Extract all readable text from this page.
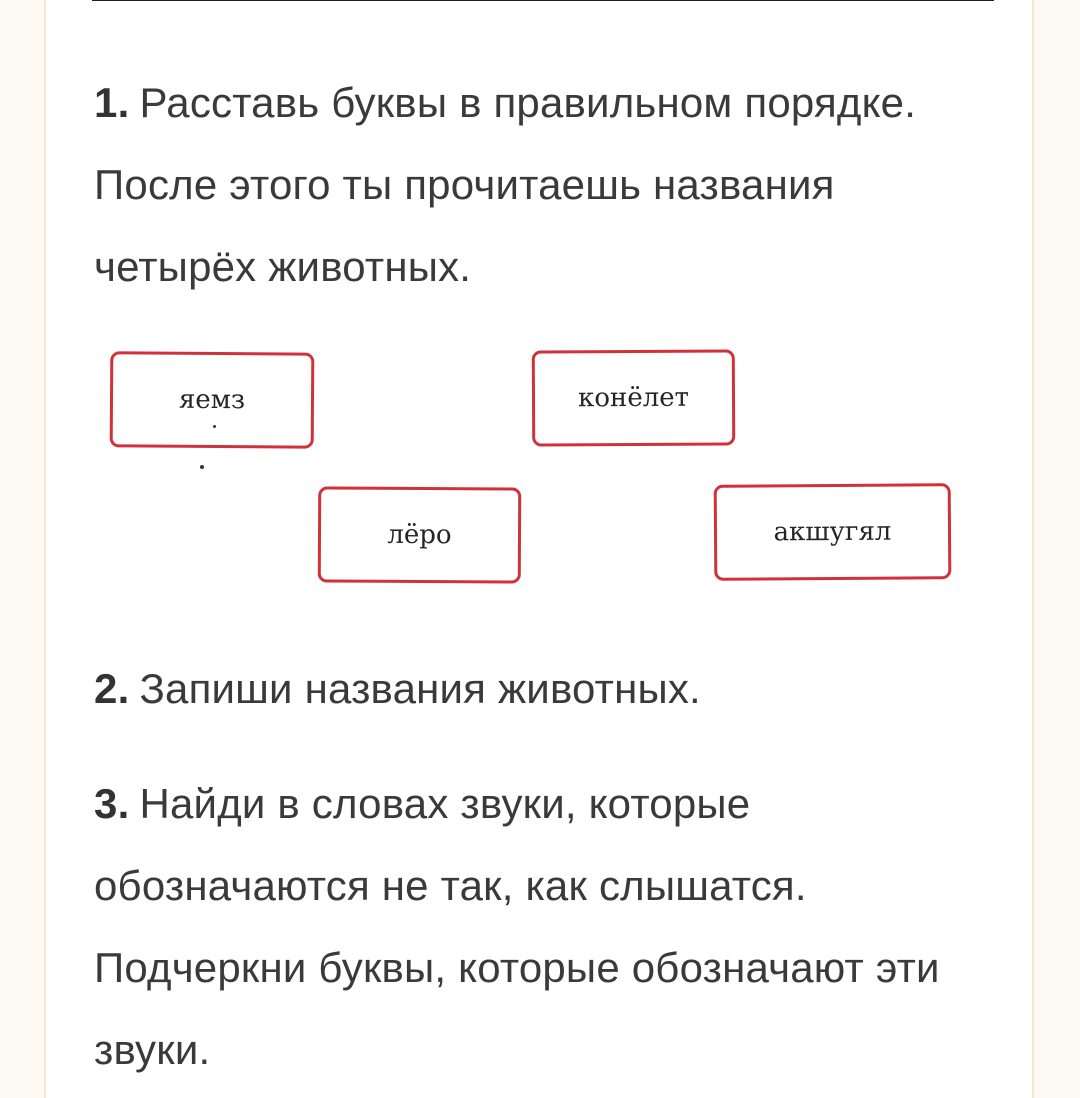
1. Расставь буквы в правильном порядке. После этого ты прочитаешь названия четырёх животных.

яемз	конёлет
лёро	акшугял

2. Запиши названия животных.

3. Найди в словах звуки, которые обозначаются не так, как слышатся. Подчеркни буквы, которые обозначают эти звуки.
